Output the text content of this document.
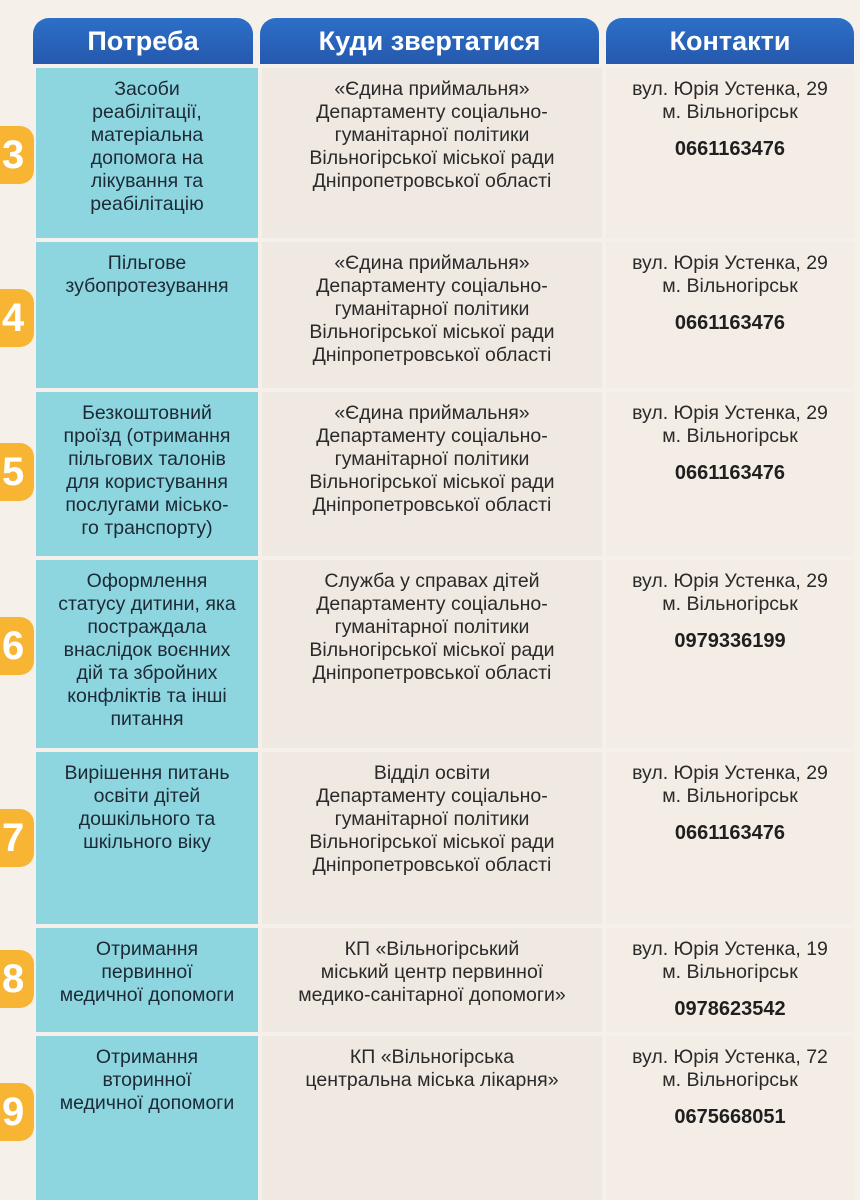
Потреба	Куди звертатися	Контакти
Засоби
реабілітації,
матеріальна
допомога на
лікування та
реабілітацію
«Єдина приймальня»
Департаменту соціально-
гуманітарної політики
Вільногірської міської ради
Дніпропетровської області
вул. Юрія Устенка, 29
м. Вільногірськ
0661163476
3
Пільгове
зубопротезування
«Єдина приймальня»
Департаменту соціально-
гуманітарної політики
Вільногірської міської ради
Дніпропетровської області
вул. Юрія Устенка, 29
м. Вільногірськ
0661163476
4
Безкоштовний
проїзд (отримання
пільгових талонів
для користування
послугами місько-
го транспорту)
«Єдина приймальня»
Департаменту соціально-
гуманітарної політики
Вільногірської міської ради
Дніпропетровської області
вул. Юрія Устенка, 29
м. Вільногірськ
0661163476
5
Оформлення
статусу дитини, яка
постраждала
внаслідок воєнних
дій та збройних
конфліктів та інші
питання
Служба у справах дітей
Департаменту соціально-
гуманітарної політики
Вільногірської міської ради
Дніпропетровської області
вул. Юрія Устенка, 29
м. Вільногірськ
0979336199
6
Вирішення питань
освіти дітей
дошкільного та
шкільного віку
Відділ освіти
Департаменту соціально-
гуманітарної політики
Вільногірської міської ради
Дніпропетровської області
вул. Юрія Устенка, 29
м. Вільногірськ
0661163476
7
Отримання
первинної
медичної допомоги
КП «Вільногірський
міський центр первинної
медико-санітарної допомоги»
вул. Юрія Устенка, 19
м. Вільногірськ
0978623542
8
Отримання
вторинної
медичної допомоги
КП «Вільногірська
центральна міська лікарня»
вул. Юрія Устенка, 72
м. Вільногірськ
0675668051
9
